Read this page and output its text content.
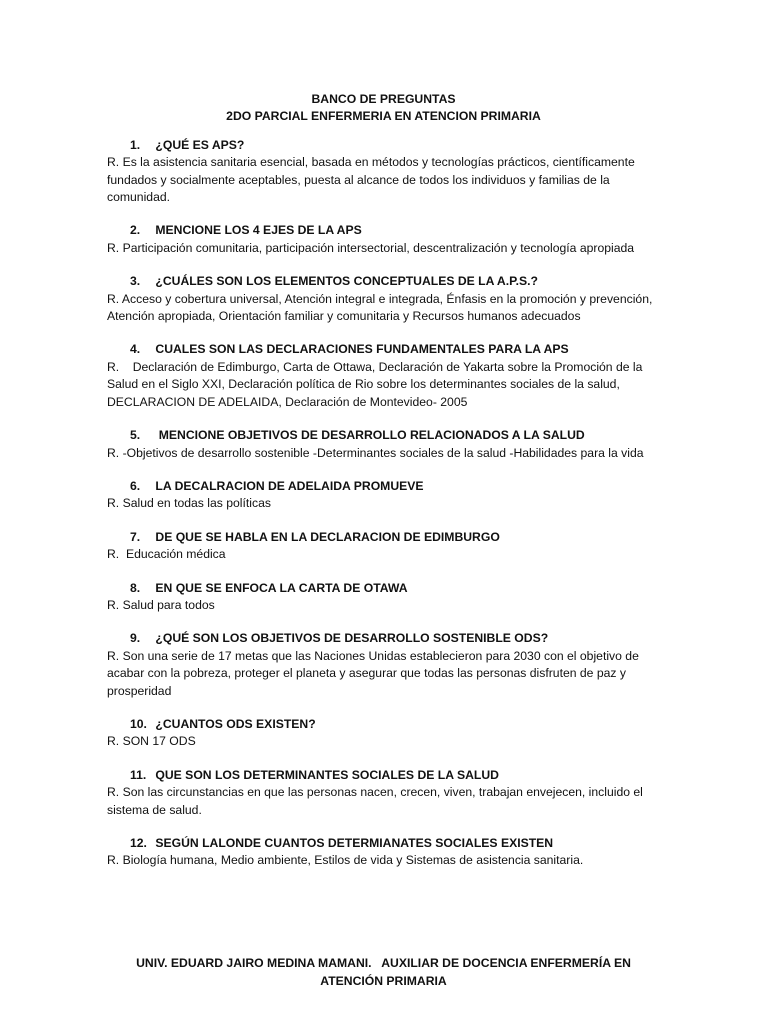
BANCO DE PREGUNTAS

2DO PARCIAL ENFERMERIA EN ATENCION PRIMARIA

1. ¿QUÉ ES APS?

R. Es la asistencia sanitaria esencial, basada en métodos y tecnologías prácticos, científicamente fundados y socialmente aceptables, puesta al alcance de todos los individuos y familias de la comunidad.

2. MENCIONE LOS 4 EJES DE LA APS

R. Participación comunitaria, participación intersectorial, descentralización y tecnología apropiada

3. ¿CUÁLES SON LOS ELEMENTOS CONCEPTUALES DE LA A.P.S.?

R. Acceso y cobertura universal, Atención integral e integrada, Énfasis en la promoción y prevención, Atención apropiada, Orientación familiar y comunitaria y Recursos humanos adecuados

4. CUALES SON LAS DECLARACIONES FUNDAMENTALES PARA LA APS

R.    Declaración de Edimburgo, Carta de Ottawa, Declaración de Yakarta sobre la Promoción de la Salud en el Siglo XXI, Declaración política de Rio sobre los determinantes sociales de la salud, DECLARACION DE ADELAIDA, Declaración de Montevideo- 2005

5.  MENCIONE OBJETIVOS DE DESARROLLO RELACIONADOS A LA SALUD

R. -Objetivos de desarrollo sostenible -Determinantes sociales de la salud -Habilidades para la vida

6. LA DECALRACION DE ADELAIDA PROMUEVE

R. Salud en todas las políticas

7. DE QUE SE HABLA EN LA DECLARACION DE EDIMBURGO

R.  Educación médica

8. EN QUE SE ENFOCA LA CARTA DE OTAWA

R. Salud para todos

9. ¿QUÉ SON LOS OBJETIVOS DE DESARROLLO SOSTENIBLE ODS?

R. Son una serie de 17 metas que las Naciones Unidas establecieron para 2030 con el objetivo de acabar con la pobreza, proteger el planeta y asegurar que todas las personas disfruten de paz y prosperidad

10. ¿CUANTOS ODS EXISTEN?

R. SON 17 ODS

11. QUE SON LOS DETERMINANTES SOCIALES DE LA SALUD

R. Son las circunstancias en que las personas nacen, crecen, viven, trabajan envejecen, incluido el sistema de salud.

12. SEGÚN LALONDE CUANTOS DETERMIANATES SOCIALES EXISTEN

R. Biología humana, Medio ambiente, Estilos de vida y Sistemas de asistencia sanitaria.

UNIV. EDUARD JAIRO MEDINA MAMANI.   AUXILIAR DE DOCENCIA ENFERMERÍA EN ATENCIÓN PRIMARIA
